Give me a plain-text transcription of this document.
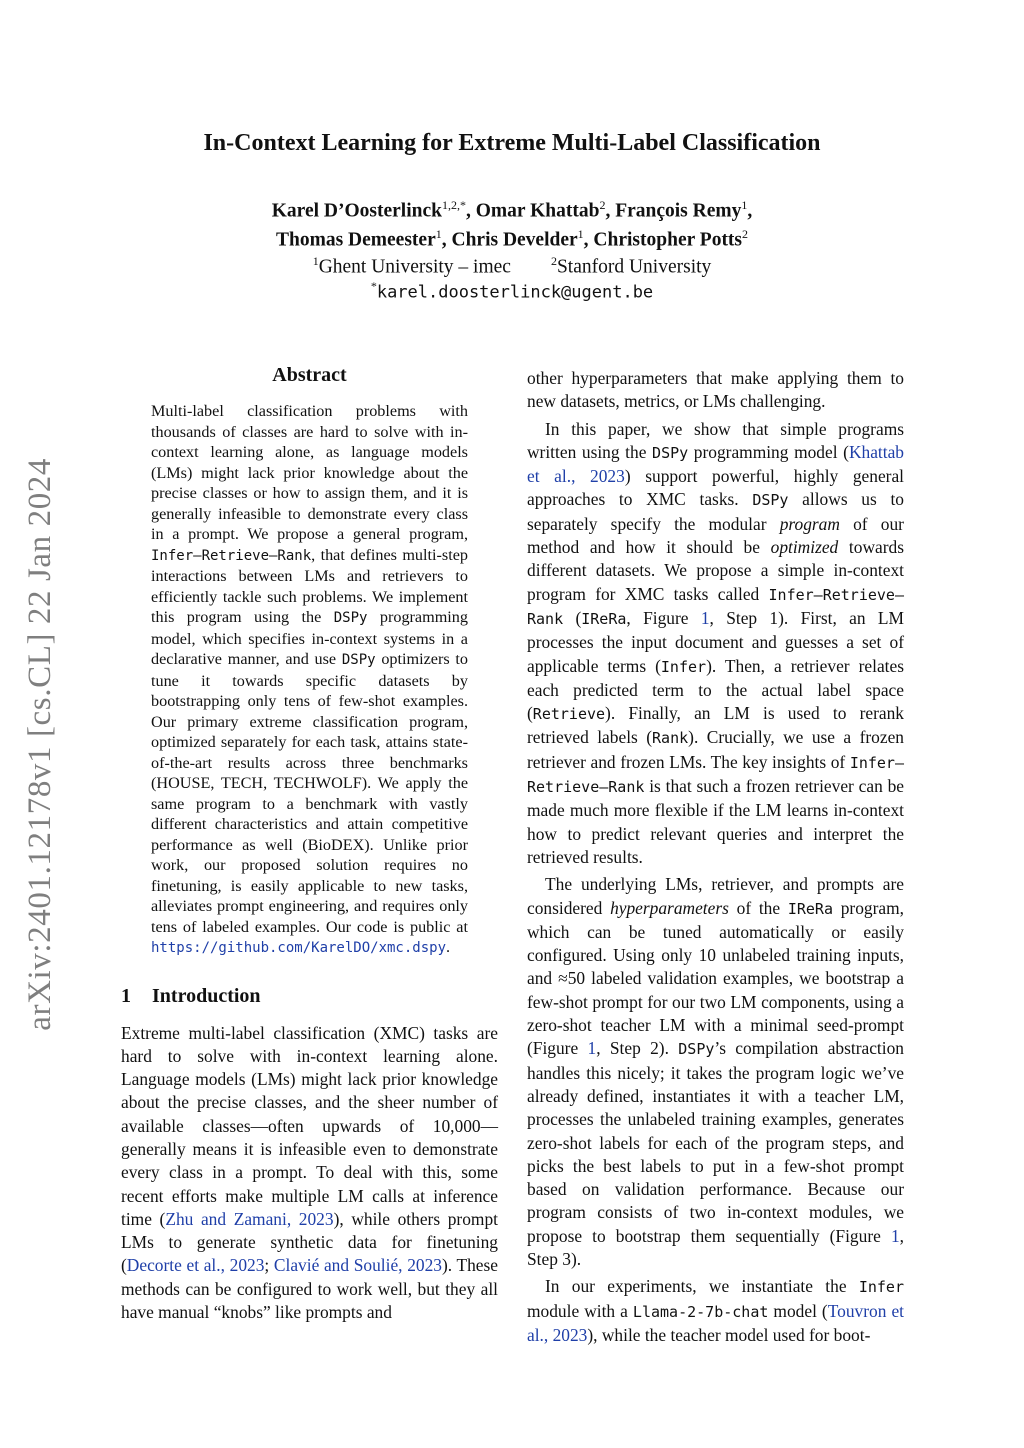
arXiv:2401.12178v1 [cs.CL] 22 Jan 2024
In-Context Learning for Extreme Multi-Label Classification
Karel D’Oosterlinck$^{1,2,*}$, Omar Khattab$^2$, François Remy$^1$,
Thomas Demeester$^1$, Chris Develder$^1$, Christopher Potts$^2$
$^1$Ghent University – imec	$^2$Stanford University
*karel.doosterlinck@ugent.be
Abstract

Multi-label classification problems with thousands of classes are hard to solve with in-context learning alone, as language models (LMs) might lack prior knowledge about the precise classes or how to assign them, and it is generally infeasible to demonstrate every class in a prompt. We propose a general program, Infer–Retrieve–Rank, that defines multi-step interactions between LMs and retrievers to efficiently tackle such problems. We implement this program using the DSPy programming model, which specifies in-context systems in a declarative manner, and use DSPy optimizers to tune it towards specific datasets by bootstrapping only tens of few-shot examples. Our primary extreme classification program, optimized separately for each task, attains state-of-the-art results across three benchmarks (HOUSE, TECH, TECHWOLF). We apply the same program to a benchmark with vastly different characteristics and attain competitive performance as well (BioDEX). Unlike prior work, our proposed solution requires no finetuning, is easily applicable to new tasks, alleviates prompt engineering, and requires only tens of labeled examples. Our code is public at https://github.com/KarelDO/xmc.dspy.

1 Introduction

Extreme multi-label classification (XMC) tasks are hard to solve with in-context learning alone. Language models (LMs) might lack prior knowledge about the precise classes, and the sheer number of available classes—often upwards of 10,000—generally means it is infeasible even to demonstrate every class in a prompt. To deal with this, some recent efforts make multiple LM calls at inference time (Zhu and Zamani, 2023), while others prompt LMs to generate synthetic data for finetuning (Decorte et al., 2023; Clavié and Soulié, 2023). These methods can be configured to work well, but they all have manual “knobs” like prompts and

other hyperparameters that make applying them to new datasets, metrics, or LMs challenging.

In this paper, we show that simple programs written using the DSPy programming model (Khattab et al., 2023) support powerful, highly general approaches to XMC tasks. DSPy allows us to separately specify the modular program of our method and how it should be optimized towards different datasets. We propose a simple in-context program for XMC tasks called Infer–Retrieve–Rank (IReRa, Figure 1, Step 1). First, an LM processes the input document and guesses a set of applicable terms (Infer). Then, a retriever relates each predicted term to the actual label space (Retrieve). Finally, an LM is used to rerank retrieved labels (Rank). Crucially, we use a frozen retriever and frozen LMs. The key insights of Infer–Retrieve–Rank is that such a frozen retriever can be made much more flexible if the LM learns in-context how to predict relevant queries and interpret the retrieved results.

The underlying LMs, retriever, and prompts are considered hyperparameters of the IReRa program, which can be tuned automatically or easily configured. Using only 10 unlabeled training inputs, and ≈50 labeled validation examples, we bootstrap a few-shot prompt for our two LM components, using a zero-shot teacher LM with a minimal seed-prompt (Figure 1, Step 2). DSPy’s compilation abstraction handles this nicely; it takes the program logic we’ve already defined, instantiates it with a teacher LM, processes the unlabeled training examples, generates zero-shot labels for each of the program steps, and picks the best labels to put in a few-shot prompt based on validation performance. Because our program consists of two in-context modules, we propose to bootstrap them sequentially (Figure 1, Step 3).

In our experiments, we instantiate the Infer module with a Llama-2-7b-chat model (Touvron et al., 2023), while the teacher model used for boot-
